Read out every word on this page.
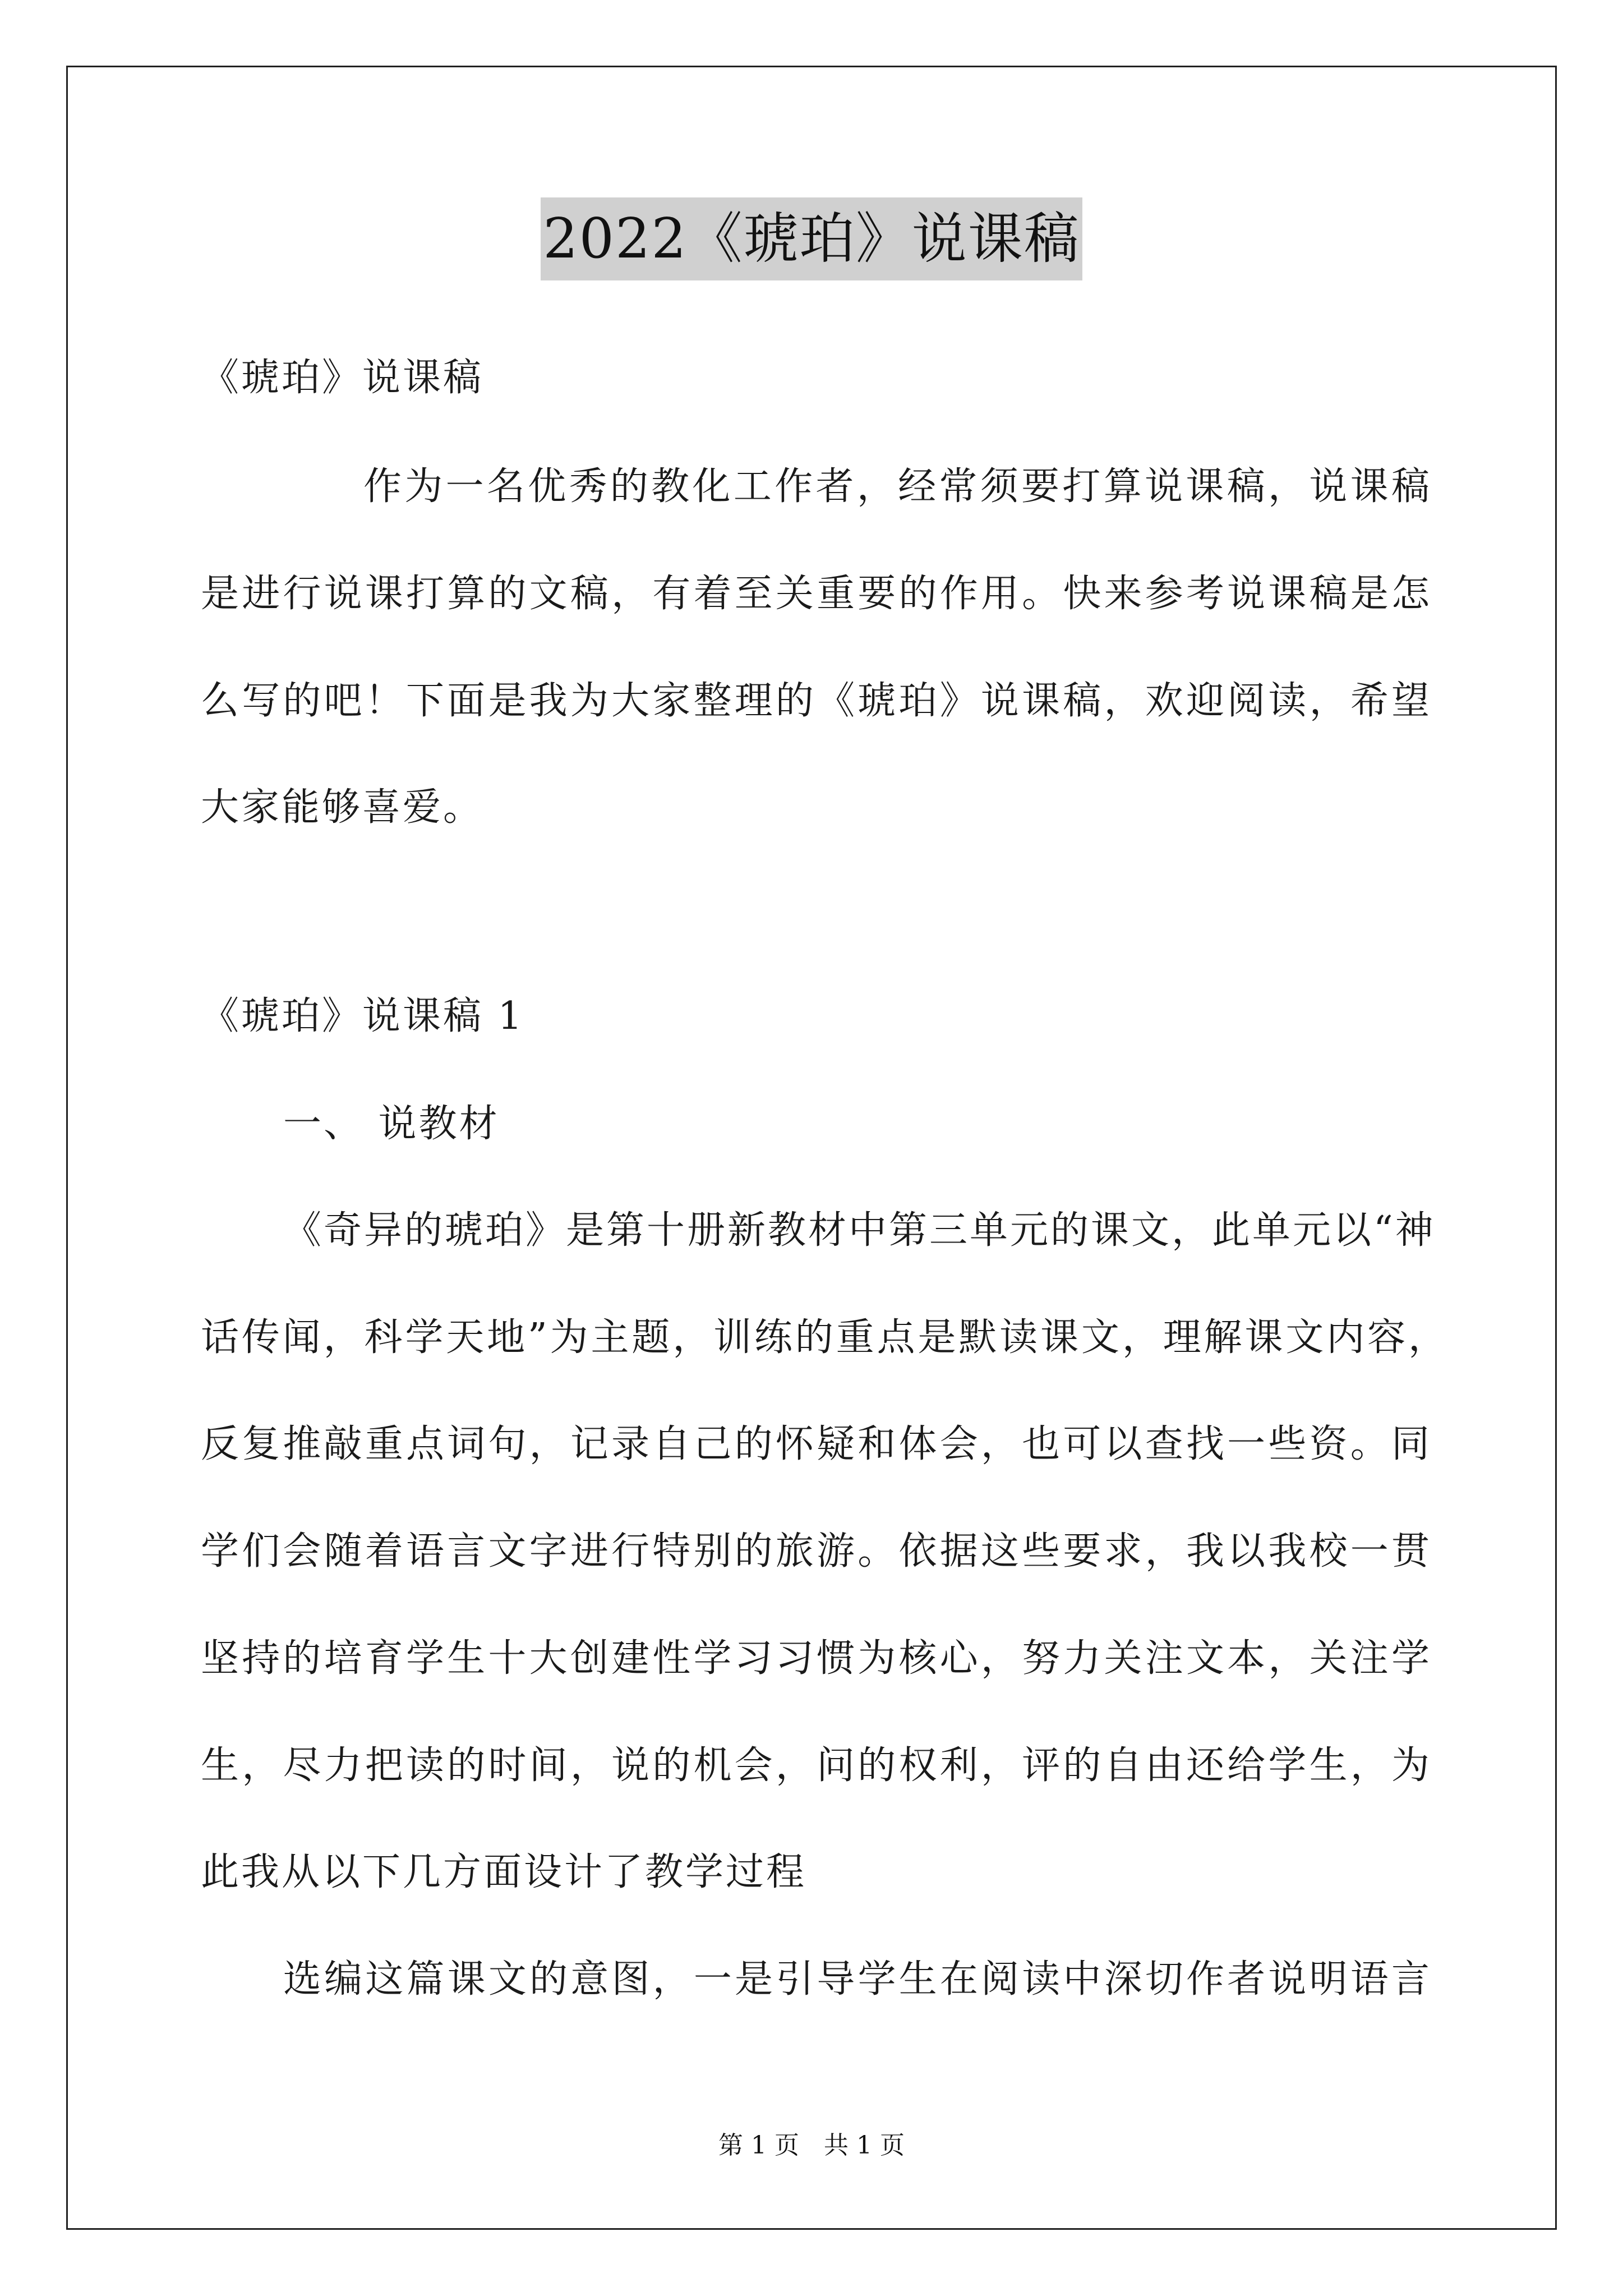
2022《琥珀》说课稿
《琥珀》说课稿
作为一名优秀的教化工作者，经常须要打算说课稿，说课稿
是进行说课打算的文稿，有着至关重要的作用。快来参考说课稿是怎
么写的吧！下面是我为大家整理的《琥珀》说课稿，欢迎阅读，希望
大家能够喜爱。
《琥珀》说课稿 1
一、 说教材
《奇异的琥珀》是第十册新教材中第三单元的课文，此单元以“神
话传闻，科学天地”为主题，训练的重点是默读课文，理解课文内容，
反复推敲重点词句，记录自己的怀疑和体会，也可以查找一些资。同
学们会随着语言文字进行特别的旅游。依据这些要求，我以我校一贯
坚持的培育学生十大创建性学习习惯为核心，努力关注文本，关注学
生，尽力把读的时间，说的机会，问的权利，评的自由还给学生，为
此我从以下几方面设计了教学过程
选编这篇课文的意图，一是引导学生在阅读中深切作者说明语言
第 1 页 共 1 页
